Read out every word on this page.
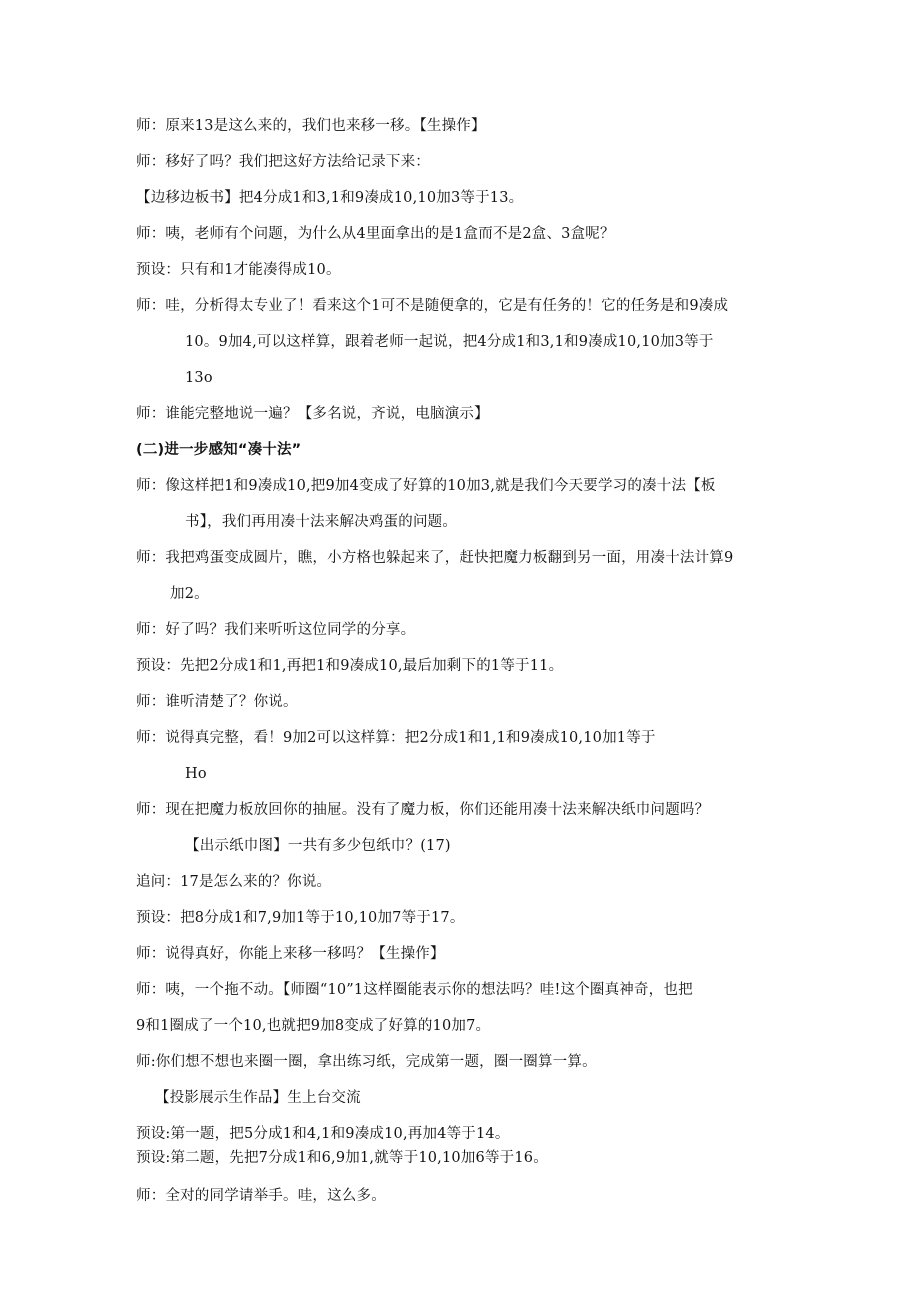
师：原来13是这么来的，我们也来移一移。【生操作】
师：移好了吗？我们把这好方法给记录下来：
【边移边板书】把4分成1和3,1和9凑成10,10加3等于13。
师：咦，老师有个问题，为什么从4里面拿出的是1盒而不是2盒、3盒呢？
预设：只有和1才能凑得成10。
师：哇，分析得太专业了！看来这个1可不是随便拿的，它是有任务的！它的任务是和9凑成
10。9加4,可以这样算，跟着老师一起说，把4分成1和3,1和9凑成10,10加3等于
13o
师：谁能完整地说一遍？【多名说，齐说，电脑演示】
(二)进一步感知“凑十法”
师：像这样把1和9凑成10,把9加4变成了好算的10加3,就是我们今天要学习的凑十法【板
书】，我们再用凑十法来解决鸡蛋的问题。
师：我把鸡蛋变成圆片，瞧，小方格也躲起来了，赶快把魔力板翻到另一面，用凑十法计算9
加2。
师：好了吗？我们来听听这位同学的分享。
预设：先把2分成1和1,再把1和9凑成10,最后加剩下的1等于11。
师：谁听清楚了？你说。
师：说得真完整，看！9加2可以这样算：把2分成1和1,1和9凑成10,10加1等于
Ho
师：现在把魔力板放回你的抽屉。没有了魔力板，你们还能用凑十法来解决纸巾问题吗？
【出示纸巾图】一共有多少包纸巾？(17)
追问：17是怎么来的？你说。
预设：把8分成1和7,9加1等于10,10加7等于17。
师：说得真好，你能上来移一移吗？【生操作】
师：咦，一个拖不动。【师圈“10”1这样圈能表示你的想法吗？哇!这个圈真神奇，也把
9和1圈成了一个10,也就把9加8变成了好算的10加7。
师:你们想不想也来圈一圈，拿出练习纸，完成第一题，圈一圈算一算。
【投影展示生作品】生上台交流
预设:第一题，把5分成1和4,1和9凑成10,再加4等于14。
预设:第二题，先把7分成1和6,9加1,就等于10,10加6等于16。
师：全对的同学请举手。哇，这么多。
